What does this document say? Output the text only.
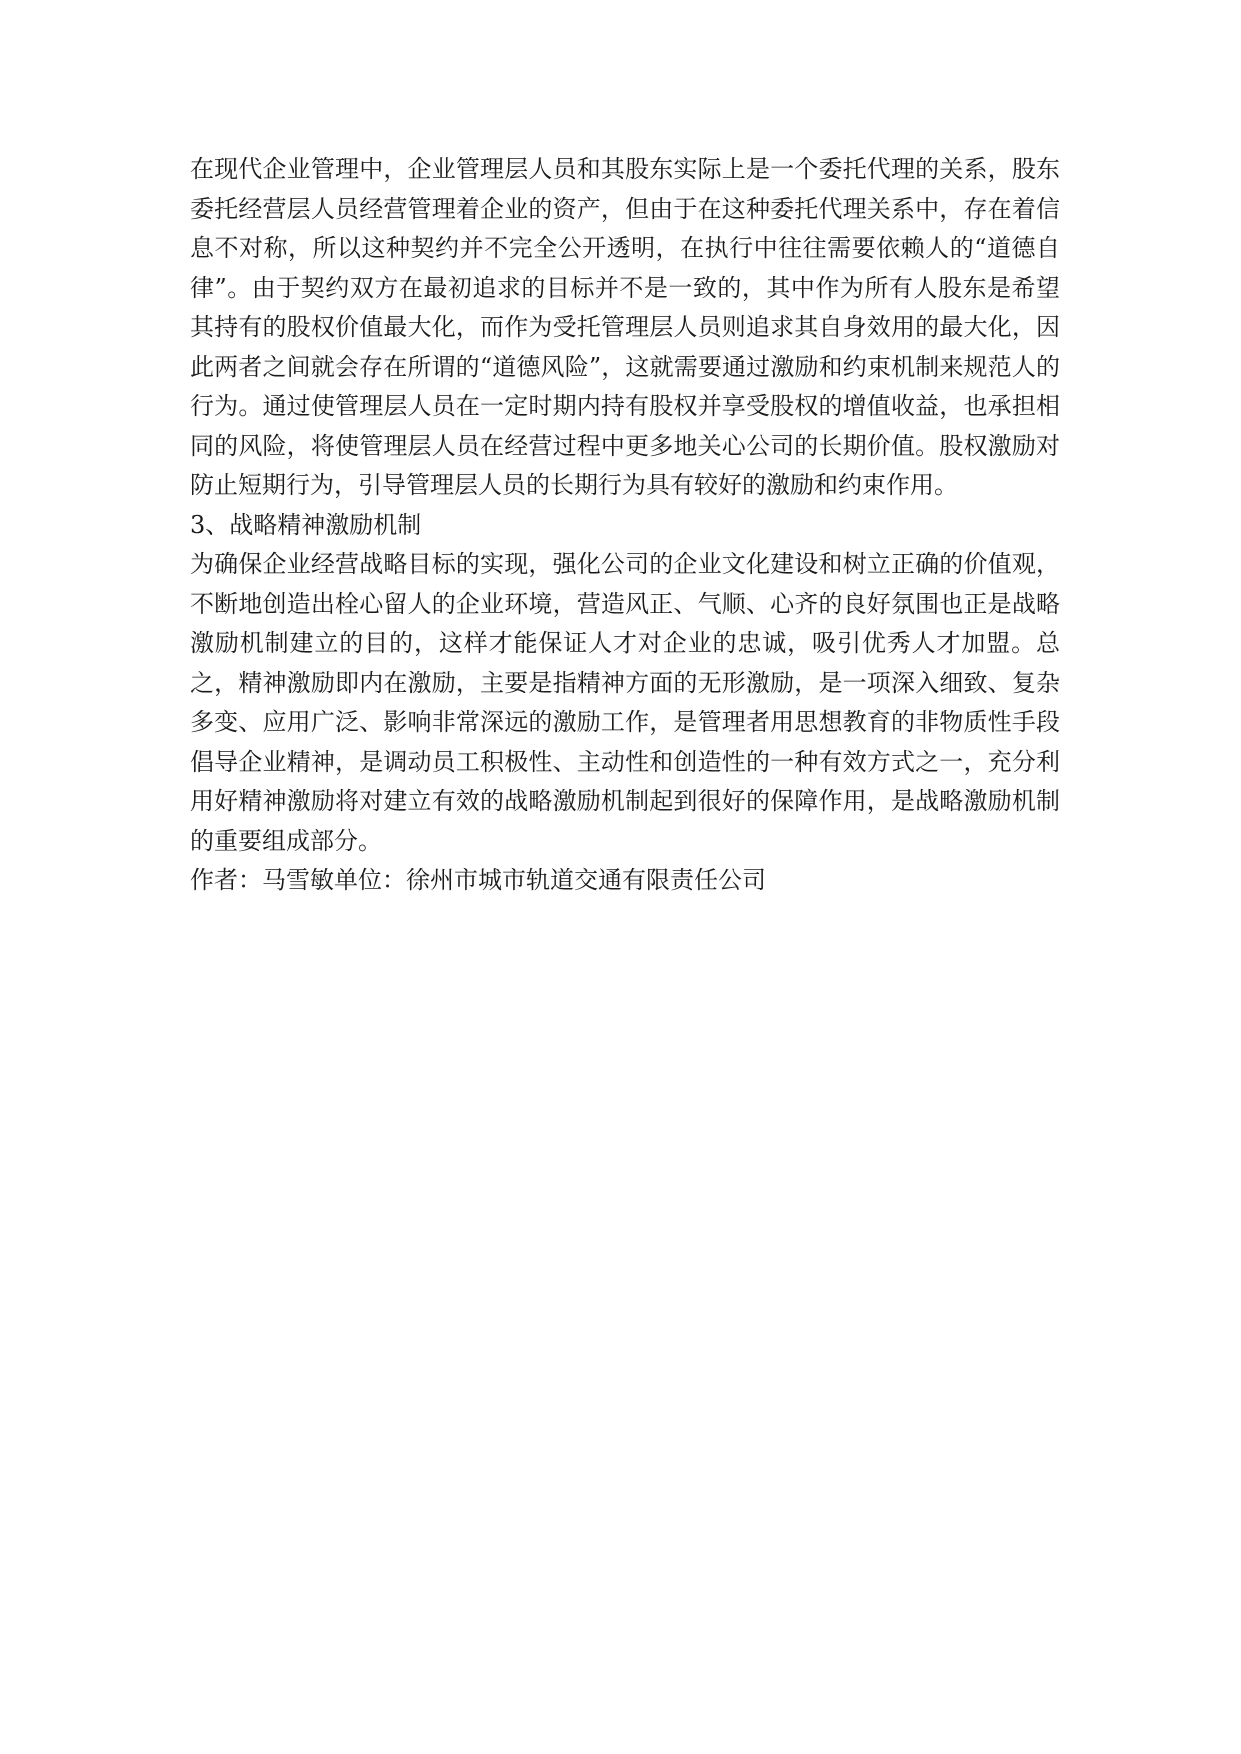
在现代企业管理中，企业管理层人员和其股东实际上是一个委托代理的关系，股东委托经营层人员经营管理着企业的资产，但由于在这种委托代理关系中，存在着信息不对称，所以这种契约并不完全公开透明，在执行中往往需要依赖人的“道德自律”。由于契约双方在最初追求的目标并不是一致的，其中作为所有人股东是希望其持有的股权价值最大化，而作为受托管理层人员则追求其自身效用的最大化，因此两者之间就会存在所谓的“道德风险”，这就需要通过激励和约束机制来规范人的行为。通过使管理层人员在一定时期内持有股权并享受股权的增值收益，也承担相同的风险，将使管理层人员在经营过程中更多地关心公司的长期价值。股权激励对防止短期行为，引导管理层人员的长期行为具有较好的激励和约束作用。

3、战略精神激励机制

为确保企业经营战略目标的实现，强化公司的企业文化建设和树立正确的价值观，不断地创造出栓心留人的企业环境，营造风正、气顺、心齐的良好氛围也正是战略激励机制建立的目的，这样才能保证人才对企业的忠诚，吸引优秀人才加盟。总之，精神激励即内在激励，主要是指精神方面的无形激励，是一项深入细致、复杂多变、应用广泛、影响非常深远的激励工作，是管理者用思想教育的非物质性手段倡导企业精神，是调动员工积极性、主动性和创造性的一种有效方式之一，充分利用好精神激励将对建立有效的战略激励机制起到很好的保障作用，是战略激励机制的重要组成部分。

作者：马雪敏单位：徐州市城市轨道交通有限责任公司
